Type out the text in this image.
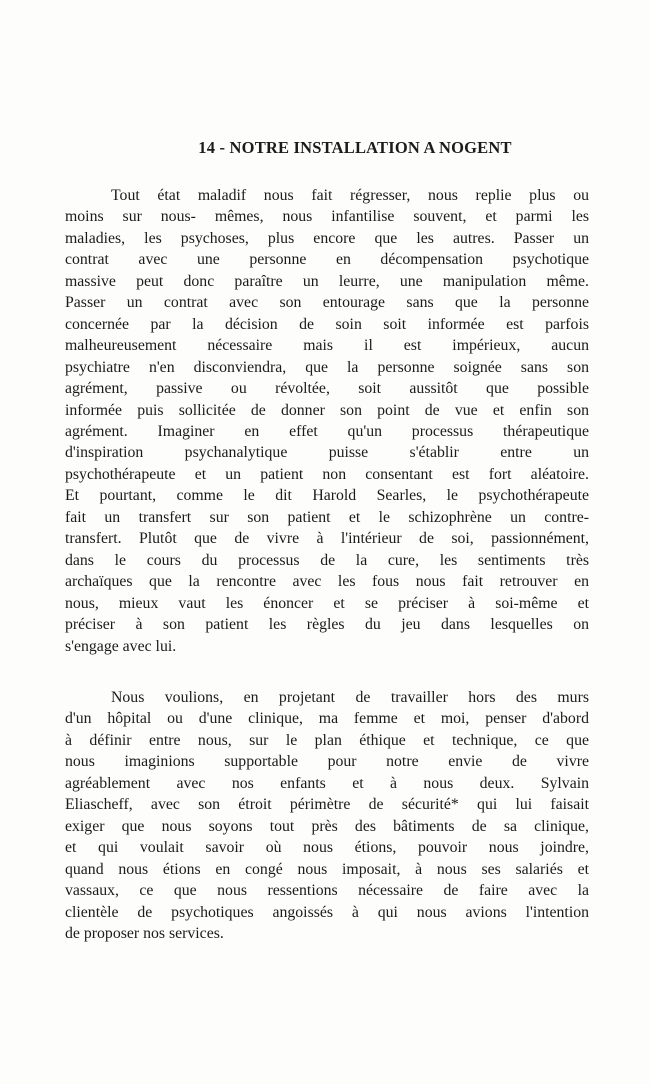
14 - NOTRE INSTALLATION A NOGENT
Tout état maladif nous fait régresser, nous replie plus ou
moins sur nous- mêmes, nous infantilise souvent, et parmi les
maladies, les psychoses, plus encore que les autres. Passer un
contrat avec une personne en décompensation psychotique
massive peut donc paraître un leurre, une manipulation même.
Passer un contrat avec son entourage sans que la personne
concernée par la décision de soin soit informée est parfois
malheureusement nécessaire mais il est impérieux, aucun
psychiatre n'en disconviendra, que la personne soignée sans son
agrément, passive ou révoltée, soit aussitôt que possible
informée puis sollicitée de donner son point de vue et enfin son
agrément. Imaginer en effet qu'un processus thérapeutique
d'inspiration psychanalytique puisse s'établir entre un
psychothérapeute et un patient non consentant est fort aléatoire.
Et pourtant, comme le dit Harold Searles, le psychothérapeute
fait un transfert sur son patient et le schizophrène un contre-
transfert. Plutôt que de vivre à l'intérieur de soi, passionnément,
dans le cours du processus de la cure, les sentiments très
archaïques que la rencontre avec les fous nous fait retrouver en
nous, mieux vaut les énoncer et se préciser à soi-même et
préciser à son patient les règles du jeu dans lesquelles on
s'engage avec lui.
Nous voulions, en projetant de travailler hors des murs
d'un hôpital ou d'une clinique, ma femme et moi, penser d'abord
à définir entre nous, sur le plan éthique et technique, ce que
nous imaginions supportable pour notre envie de vivre
agréablement avec nos enfants et à nous deux. Sylvain
Eliascheff, avec son étroit périmètre de sécurité* qui lui faisait
exiger que nous soyons tout près des bâtiments de sa clinique,
et qui voulait savoir où nous étions, pouvoir nous joindre,
quand nous étions en congé nous imposait, à nous ses salariés et
vassaux, ce que nous ressentions nécessaire de faire avec la
clientèle de psychotiques angoissés à qui nous avions l'intention
de proposer nos services.
